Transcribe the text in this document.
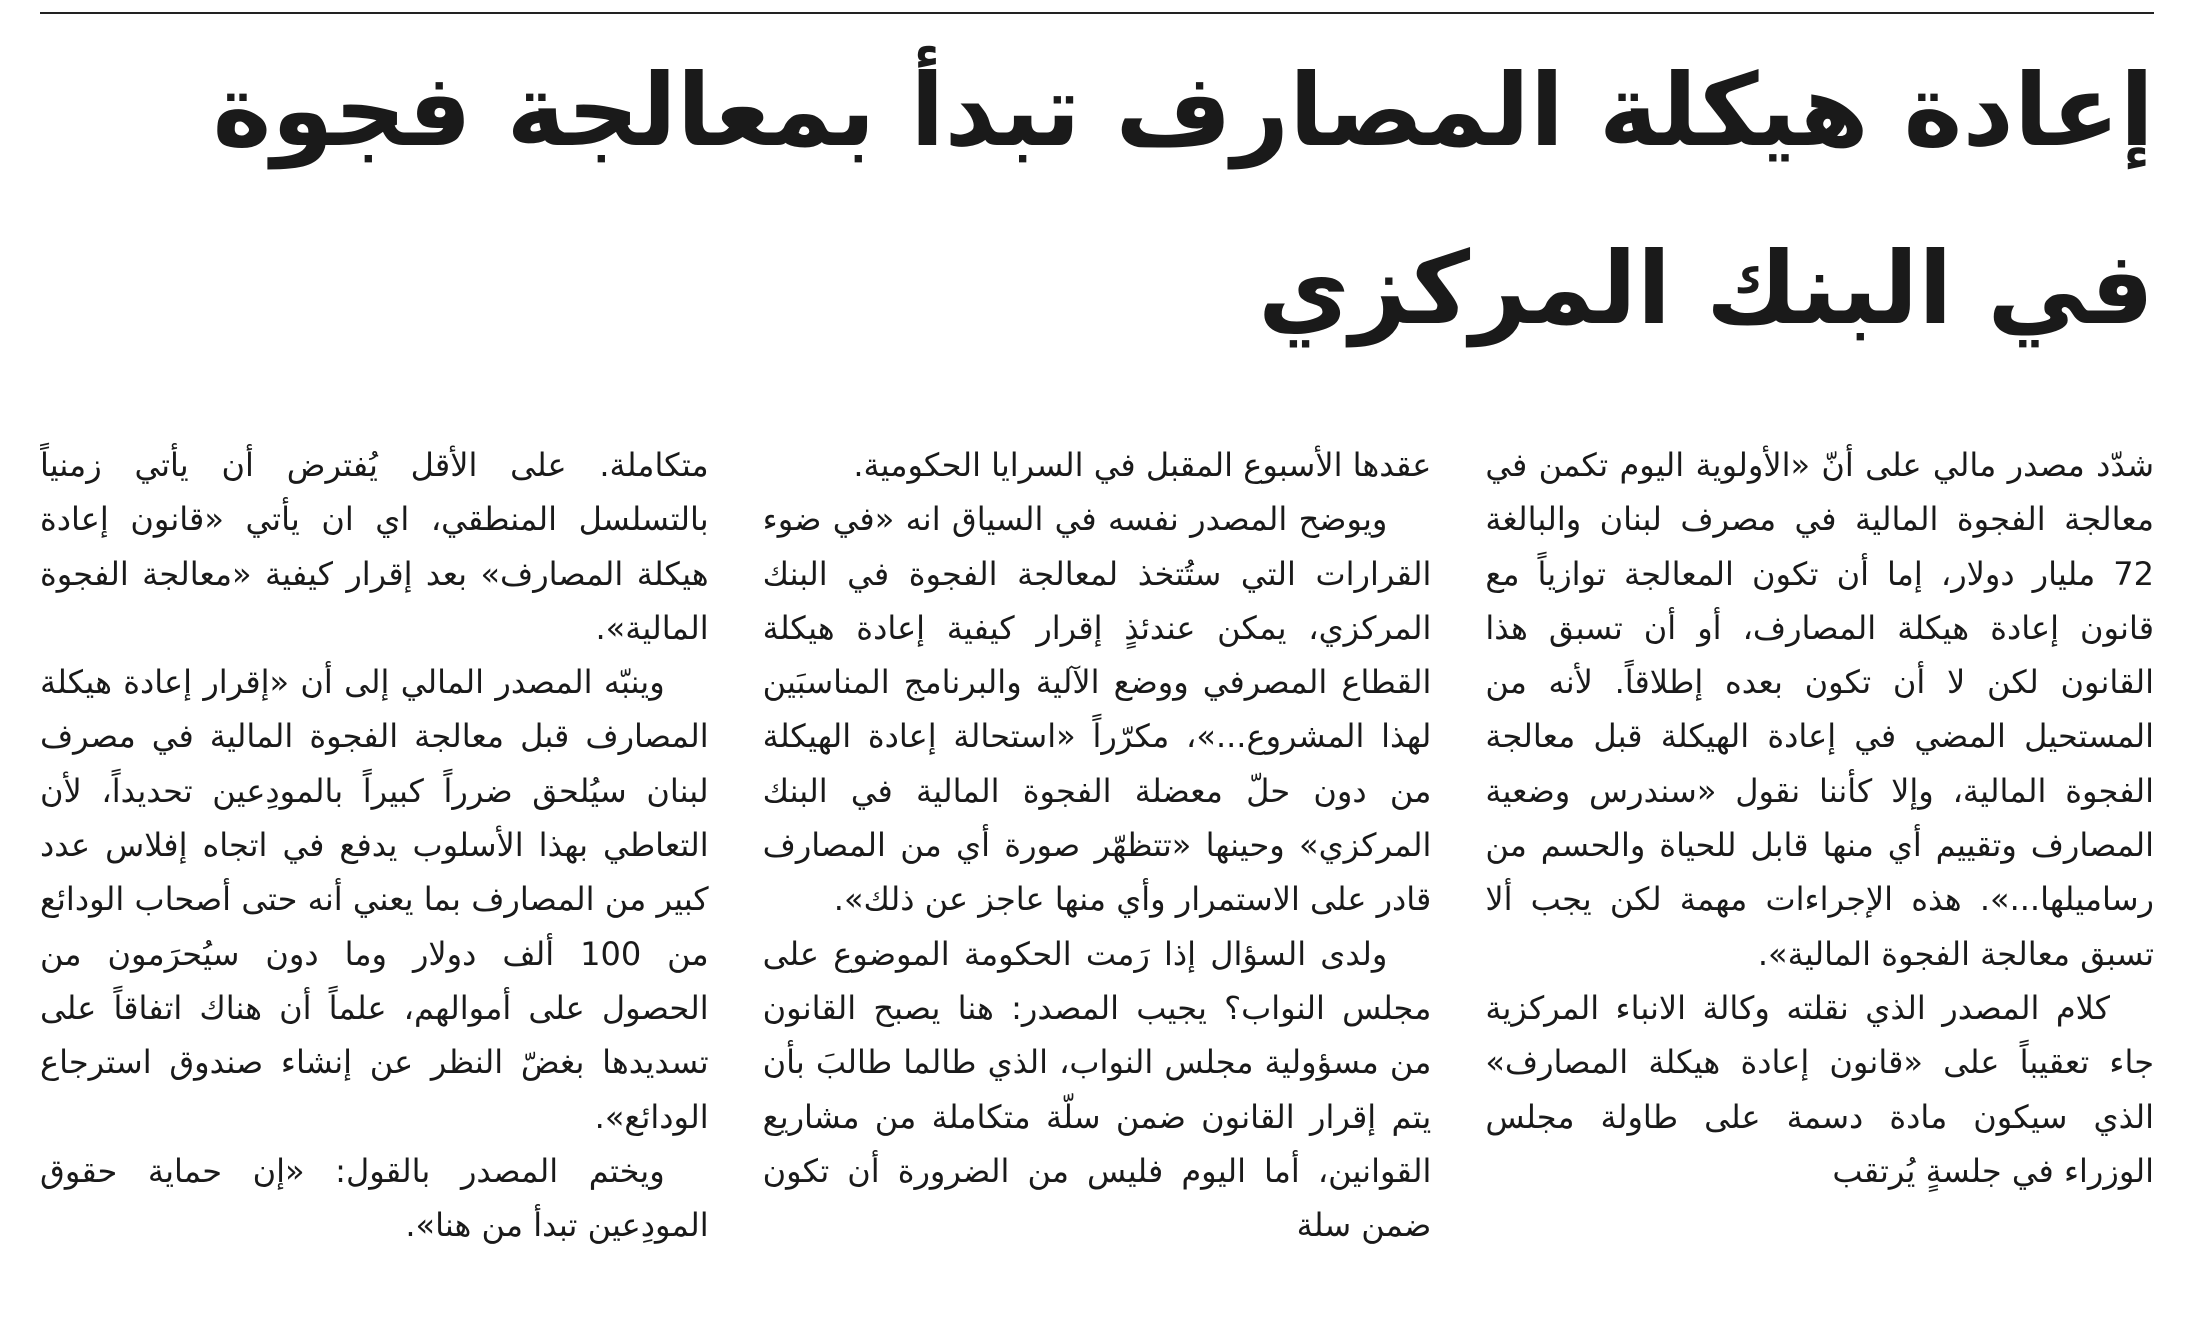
إعادة هيكلة المصارف تبدأ بمعالجة فجوة في البنك المركزي

شدّد مصدر مالي على أنّ «الأولوية اليوم تكمن في معالجة الفجوة المالية في مصرف لبنان والبالغة 72 مليار دولار، إما أن تكون المعالجة توازياً مع قانون إعادة هيكلة المصارف، أو أن تسبق هذا القانون لكن لا أن تكون بعده إطلاقاً. لأنه من المستحيل المضي في إعادة الهيكلة قبل معالجة الفجوة المالية، وإلا كأننا نقول «سندرس وضعية المصارف وتقييم أي منها قابل للحياة والحسم من رساميلها...». هذه الإجراءات مهمة لكن يجب ألا تسبق معالجة الفجوة المالية».

كلام المصدر الذي نقلته وكالة الانباء المركزية جاء تعقيباً على «قانون إعادة هيكلة المصارف» الذي سيكون مادة دسمة على طاولة مجلس الوزراء في جلسةٍ يُرتقب

عقدها الأسبوع المقبل في السرايا الحكومية.

ويوضح المصدر نفسه في السياق انه «في ضوء القرارات التي ستُتخذ لمعالجة الفجوة في البنك المركزي، يمكن عندئذٍ إقرار كيفية إعادة هيكلة القطاع المصرفي ووضع الآلية والبرنامج المناسبَين لهذا المشروع...»، مكرّراً «استحالة إعادة الهيكلة من دون حلّ معضلة الفجوة المالية في البنك المركزي» وحينها «تتظهّر صورة أي من المصارف قادر على الاستمرار وأي منها عاجز عن ذلك».

ولدى السؤال إذا رَمت الحكومة الموضوع على مجلس النواب؟ يجيب المصدر: هنا يصبح القانون من مسؤولية مجلس النواب، الذي طالما طالبَ بأن يتم إقرار القانون ضمن سلّة متكاملة من مشاريع القوانين، أما اليوم فليس من الضرورة أن تكون ضمن سلة

متكاملة. على الأقل يُفترض أن يأتي زمنياً بالتسلسل المنطقي، اي ان يأتي «قانون إعادة هيكلة المصارف» بعد إقرار كيفية «معالجة الفجوة المالية».

وينبّه المصدر المالي إلى أن «إقرار إعادة هيكلة المصارف قبل معالجة الفجوة المالية في مصرف لبنان سيُلحق ضرراً كبيراً بالمودِعين تحديداً، لأن التعاطي بهذا الأسلوب يدفع في اتجاه إفلاس عدد كبير من المصارف بما يعني أنه حتى أصحاب الودائع من 100 ألف دولار وما دون سيُحرَمون من الحصول على أموالهم، علماً أن هناك اتفاقاً على تسديدها بغضّ النظر عن إنشاء صندوق استرجاع الودائع».

ويختم المصدر بالقول: «إن حماية حقوق المودِعين تبدأ من هنا».
